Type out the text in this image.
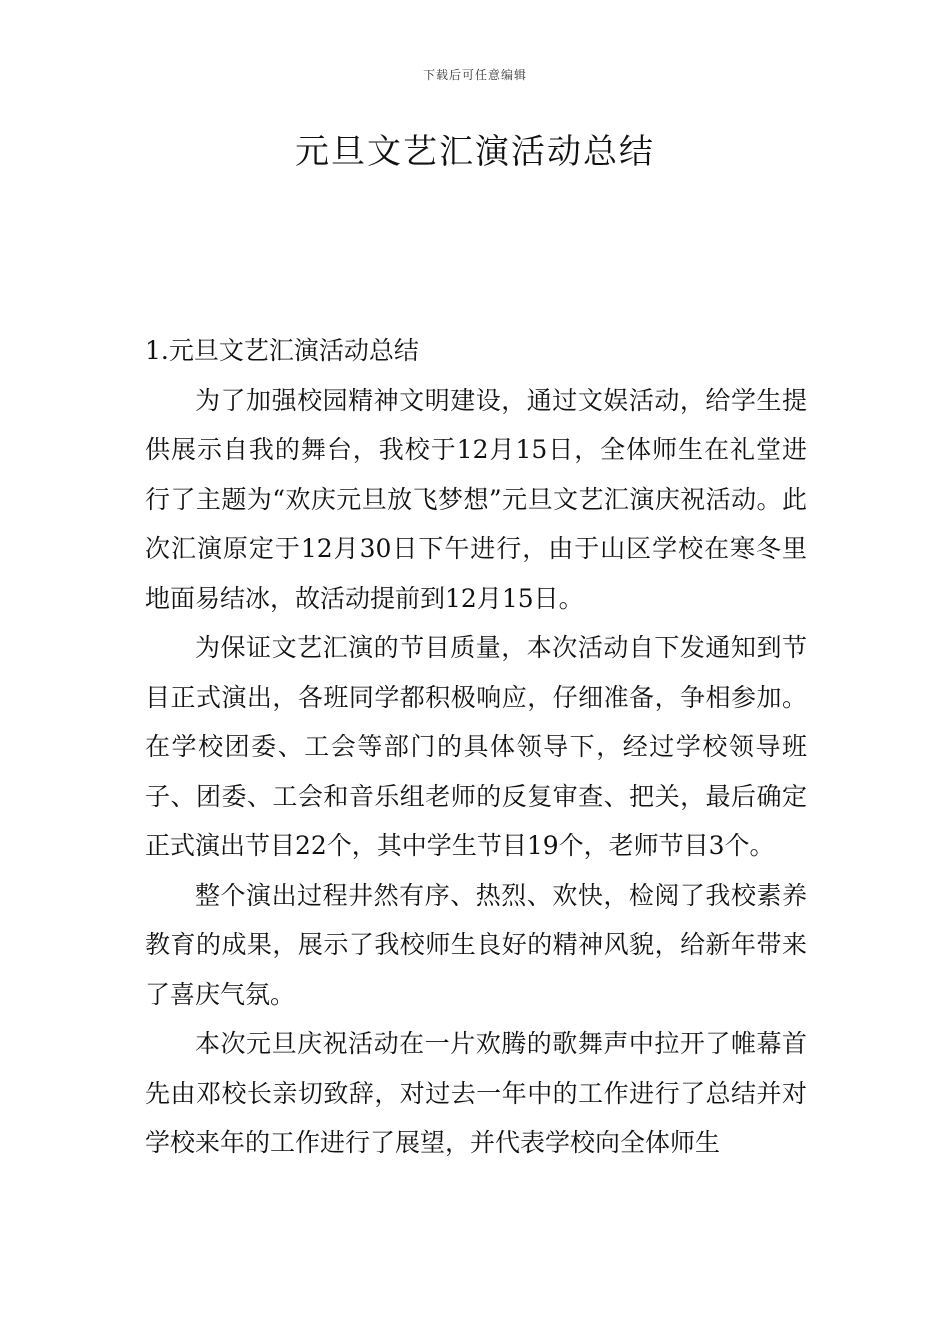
下载后可任意编辑
元旦文艺汇演活动总结

1.元旦文艺汇演活动总结

为了加强校园精神文明建设，通过文娱活动，给学生提供展示自我的舞台，我校于12月15日，全体师生在礼堂进行了主题为“欢庆元旦放飞梦想”元旦文艺汇演庆祝活动。此次汇演原定于12月30日下午进行，由于山区学校在寒冬里地面易结冰，故活动提前到12月15日。

为保证文艺汇演的节目质量，本次活动自下发通知到节目正式演出，各班同学都积极响应，仔细准备，争相参加。在学校团委、工会等部门的具体领导下，经过学校领导班子、团委、工会和音乐组老师的反复审查、把关，最后确定正式演出节目22个，其中学生节目19个，老师节目3个。

整个演出过程井然有序、热烈、欢快，检阅了我校素养教育的成果，展示了我校师生良好的精神风貌，给新年带来了喜庆气氛。

本次元旦庆祝活动在一片欢腾的歌舞声中拉开了帷幕首先由邓校长亲切致辞，对过去一年中的工作进行了总结并对学校来年的工作进行了展望，并代表学校向全体师生
